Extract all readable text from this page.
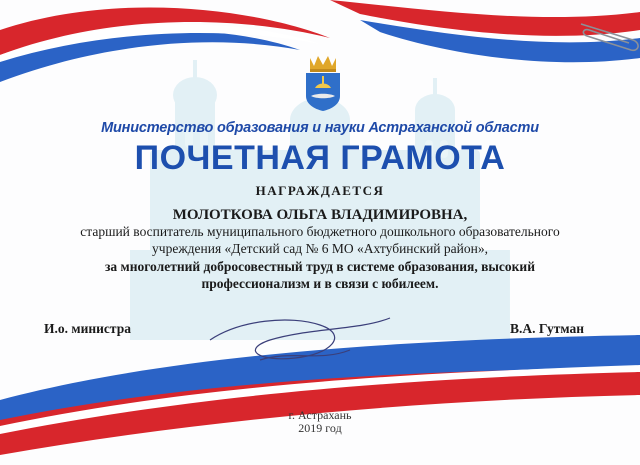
Министерство образования и науки Астраханской области
ПОЧЕТНАЯ ГРАМОТА
НАГРАЖДАЕТСЯ
МОЛОТКОВА ОЛЬГА ВЛАДИМИРОВНА,
старший воспитатель муниципального бюджетного дошкольного образовательного
учреждения «Детский сад № 6 МО «Ахтубинский район»,
за многолетний добросовестный труд в системе образования, высокий
профессионализм и в связи с юбилеем.
И.о. министра	В.А. Гутман
г. Астрахань
2019 год
